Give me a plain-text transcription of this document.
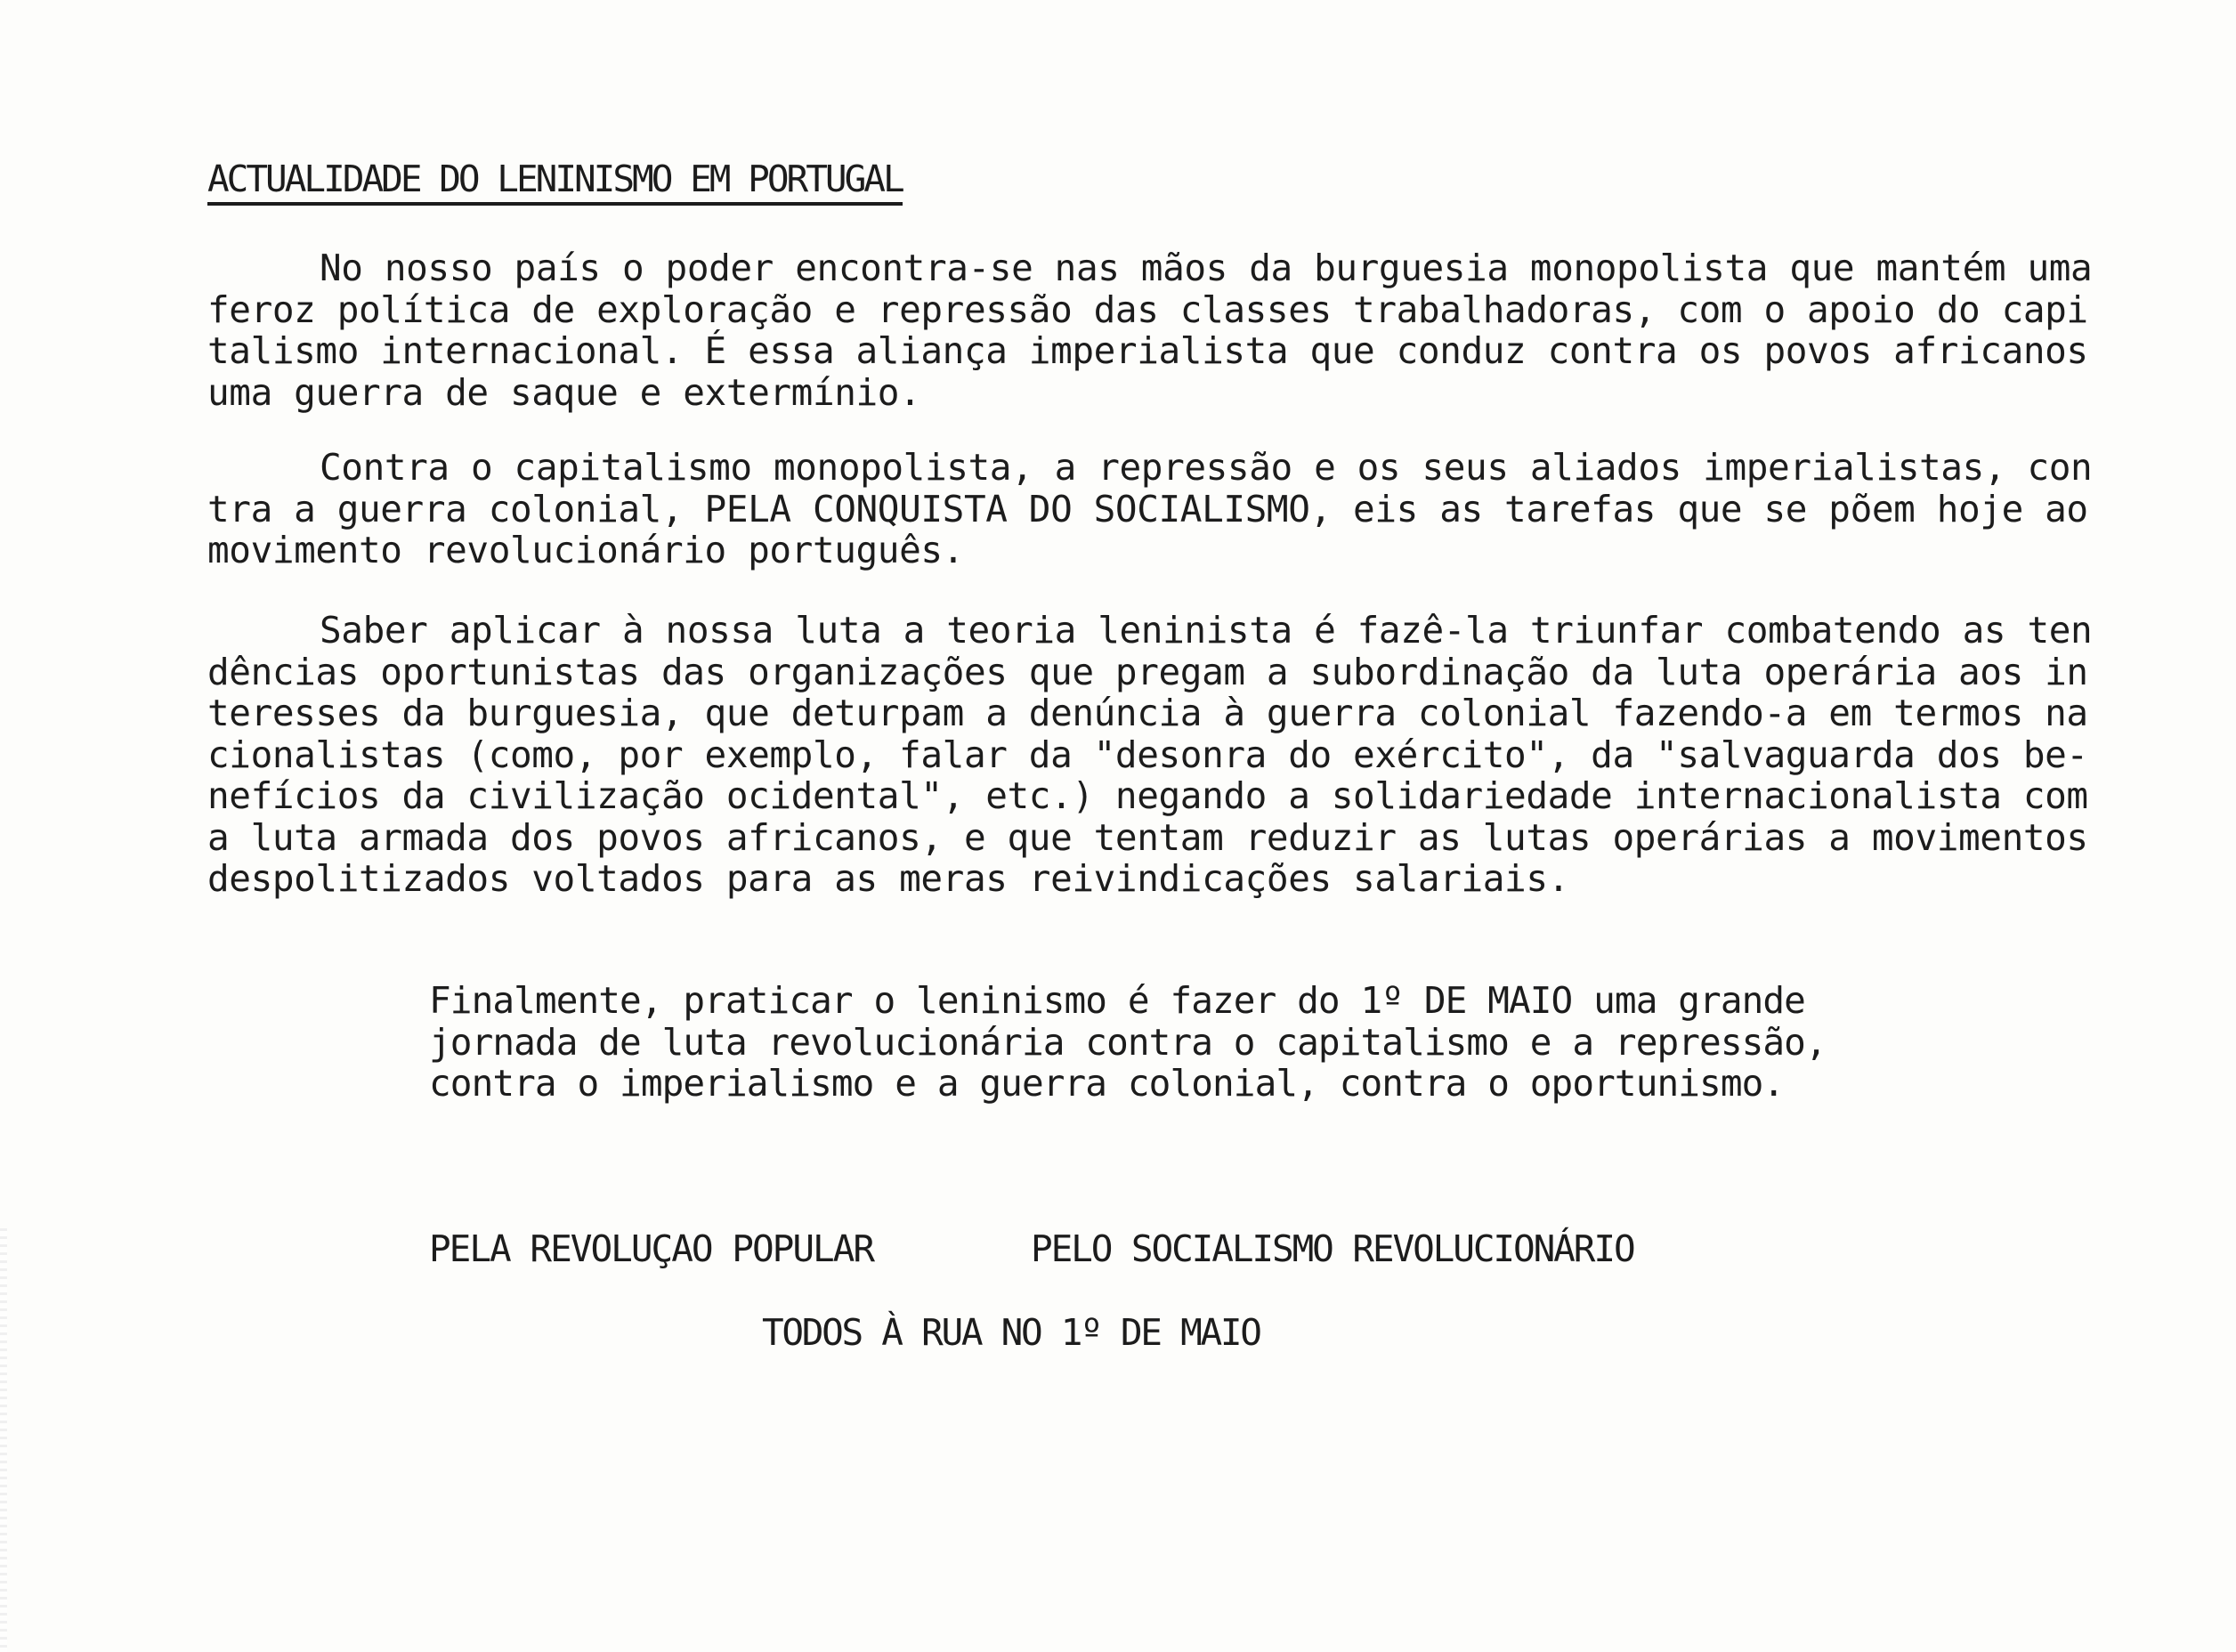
ACTUALIDADE DO LENINISMO EM PORTUGAL
No nosso país o poder encontra-se nas mãos da burguesia monopolista que mantém uma
feroz política de exploração e repressão das classes trabalhadoras, com o apoio do capi
talismo internacional. É essa aliança imperialista que conduz contra os povos africanos
uma guerra de saque e extermínio.
Contra o capitalismo monopolista, a repressão e os seus aliados imperialistas, con
tra a guerra colonial, PELA CONQUISTA DO SOCIALISMO, eis as tarefas que se põem hoje ao
movimento revolucionário português.
Saber aplicar à nossa luta a teoria leninista é fazê-la triunfar combatendo as ten
dências oportunistas das organizações que pregam a subordinação da luta operária aos in
teresses da burguesia, que deturpam a denúncia à guerra colonial fazendo-a em termos na
cionalistas (como, por exemplo, falar da "desonra do exército", da "salvaguarda dos be-
nefícios da civilização ocidental", etc.) negando a solidariedade internacionalista com
a luta armada dos povos africanos, e que tentam reduzir as lutas operárias a movimentos
despolitizados voltados para as meras reivindicações salariais.
Finalmente, praticar o leninismo é fazer do 1º DE MAIO uma grande
jornada de luta revolucionária contra o capitalismo e a repressão,
contra o imperialismo e a guerra colonial, contra o oportunismo.
PELA REVOLUÇAO POPULAR	PELO SOCIALISMO REVOLUCIONÁRIO
TODOS À RUA NO 1º DE MAIO
